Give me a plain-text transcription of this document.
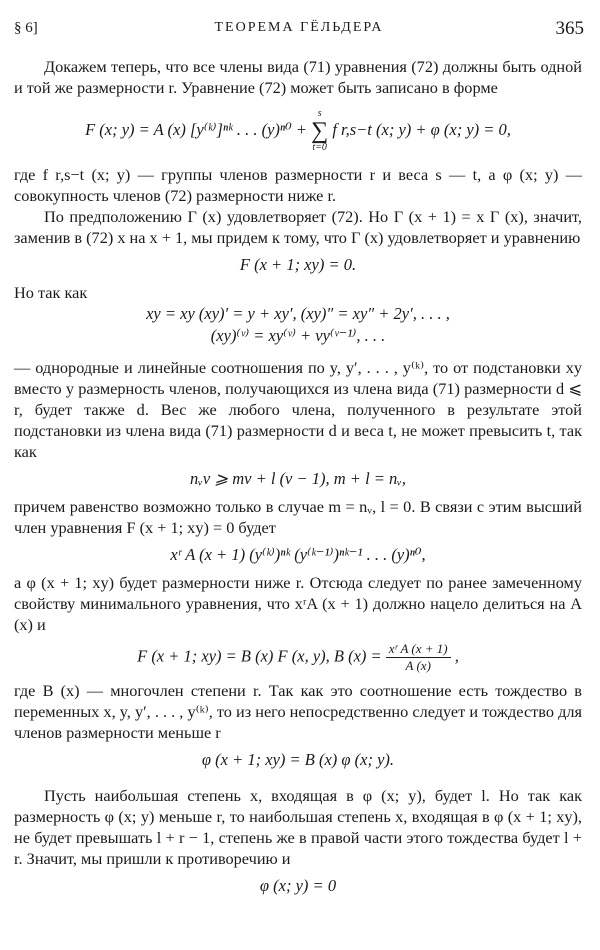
§ 6]	ТЕОРЕМА ГЁЛЬДЕРА	365

Докажем теперь, что все члены вида (71) уравнения (72) должны быть одной и той же размерности r. Уравнение (72) может быть записано в форме

F (x; y) = A (x) [y⁽ᵏ⁾]ⁿᵏ . . . (y)ⁿ⁰ +
s
∑
t=0
f r,s−t (x; y) + φ (x; y) = 0,

где f r,s−t (x; y) — группы членов размерности r и веса s — t, а φ (x; y) — совокупность членов (72) размерности ниже r.

По предположению Γ (x) удовлетворяет (72). Но Γ (x + 1) = x Γ (x), значит, заменив в (72) x на x + 1, мы придем к тому, что Γ (x) удовлетворяет и уравнению

F (x + 1; xy) = 0.

Но так как

xy = xy (xy)′ = y + xy′, (xy)″ = xy″ + 2y′, . . . ,

(xy)⁽ᵛ⁾ = xy⁽ᵛ⁾ + νy⁽ᵛ⁻¹⁾, . . .

— однородные и линейные соотношения по y, y′, . . . , y⁽ᵏ⁾, то от подстановки xy вместо y размерность членов, получающихся из члена вида (71) размерности d ⩽ r, будет также d. Вес же любого члена, полученного в результате этой подстановки из члена вида (71) размерности d и веса t, не может превысить t, так как

nᵥν ⩾ mν + l (ν − 1), m + l = nᵥ,

причем равенство возможно только в случае m = nᵥ, l = 0. В связи с этим высший член уравнения F (x + 1; xy) = 0 будет

xʳ A (x + 1) (y⁽ᵏ⁾)ⁿᵏ (y⁽ᵏ⁻¹⁾)ⁿᵏ⁻¹ . . . (y)ⁿ⁰,

а φ (x + 1; xy) будет размерности ниже r. Отсюда следует по ранее замеченному свойству минимального уравнения, что xʳA (x + 1) должно нацело делиться на A (x) и

F (x + 1; xy) = B (x) F (x, y), B $(x) = \frac{\text{xʳ A (x + 1)}}{A (x)}$ ,

где B (x) — многочлен степени r. Так как это соотношение есть тождество в переменных x, y, y′, . . . , y⁽ᵏ⁾, то из него непосредственно следует и тождество для членов размерности меньше r

φ (x + 1; xy) = B (x) φ (x; y).

Пусть наибольшая степень x, входящая в φ (x; y), будет l. Но так как размерность φ (x; y) меньше r, то наибольшая степень x, входящая в φ (x + 1; xy), не будет превышать l + r − 1, степень же в правой части этого тождества будет l + r. Значит, мы пришли к противоречию и

φ (x; y) = 0
